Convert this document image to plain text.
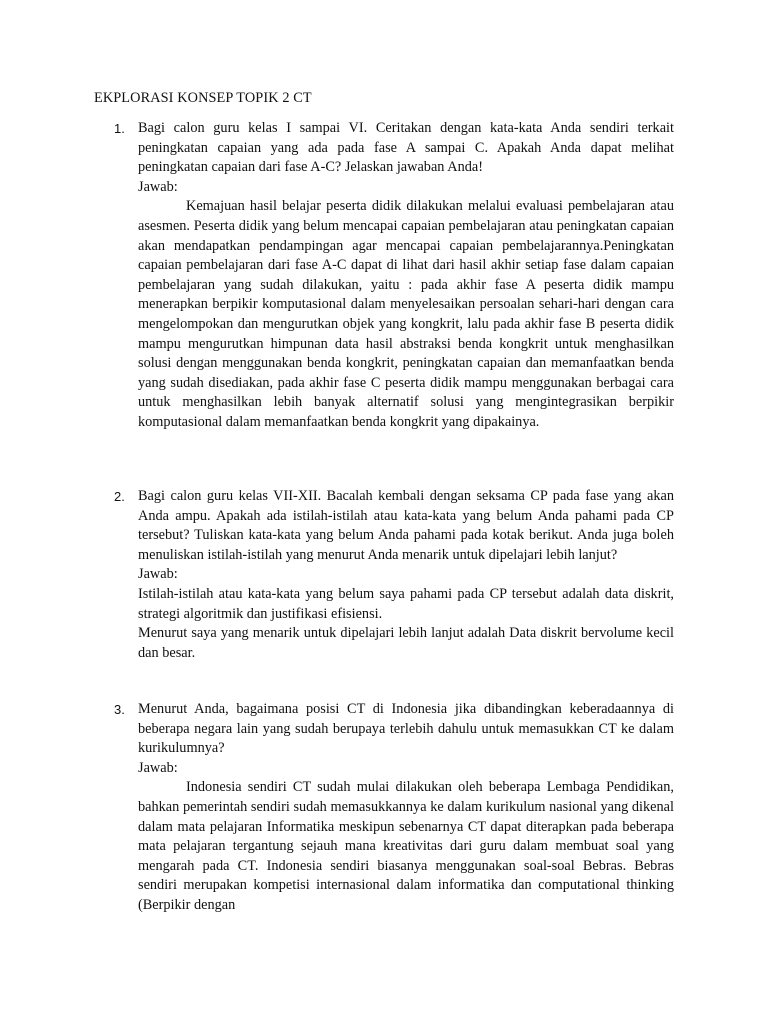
EKPLORASI KONSEP TOPIK 2 CT
1. Bagi calon guru kelas I sampai VI. Ceritakan dengan kata-kata Anda sendiri terkait peningkatan capaian yang ada pada fase A sampai C. Apakah Anda dapat melihat peningkatan capaian dari fase A-C? Jelaskan jawaban Anda!

Jawab:

Kemajuan hasil belajar peserta didik dilakukan melalui evaluasi pembelajaran atau asesmen. Peserta didik yang belum mencapai capaian pembelajaran atau peningkatan capaian akan mendapatkan pendampingan agar mencapai capaian pembelajarannya.Peningkatan capaian pembelajaran dari fase A-C dapat di lihat dari hasil akhir setiap fase dalam capaian pembelajaran yang sudah dilakukan, yaitu : pada akhir fase A peserta didik mampu menerapkan berpikir komputasional dalam menyelesaikan persoalan sehari-hari dengan cara mengelompokan dan mengurutkan objek yang kongkrit, lalu pada akhir fase B peserta didik mampu mengurutkan himpunan data hasil abstraksi benda kongkrit untuk menghasilkan solusi dengan menggunakan benda kongkrit, peningkatan capaian dan memanfaatkan benda yang sudah disediakan, pada akhir fase C peserta didik mampu menggunakan berbagai cara untuk menghasilkan lebih banyak alternatif solusi yang mengintegrasikan berpikir komputasional dalam memanfaatkan benda kongkrit yang dipakainya.

2. Bagi calon guru kelas VII-XII. Bacalah kembali dengan seksama CP pada fase yang akan Anda ampu. Apakah ada istilah-istilah atau kata-kata yang belum Anda pahami pada CP tersebut? Tuliskan kata-kata yang belum Anda pahami pada kotak berikut. Anda juga boleh menuliskan istilah-istilah yang menurut Anda menarik untuk dipelajari lebih lanjut?

Jawab:

Istilah-istilah atau kata-kata yang belum saya pahami pada CP tersebut adalah data diskrit, strategi algoritmik dan justifikasi efisiensi.

Menurut saya yang menarik untuk dipelajari lebih lanjut adalah Data diskrit bervolume kecil dan besar.

3. Menurut Anda, bagaimana posisi CT di Indonesia jika dibandingkan keberadaannya di beberapa negara lain yang sudah berupaya terlebih dahulu untuk memasukkan CT ke dalam kurikulumnya?

Jawab:

Indonesia sendiri CT sudah mulai dilakukan oleh beberapa Lembaga Pendidikan, bahkan pemerintah sendiri sudah memasukkannya ke dalam kurikulum nasional yang dikenal dalam mata pelajaran Informatika meskipun sebenarnya CT dapat diterapkan pada beberapa mata pelajaran tergantung sejauh mana kreativitas dari guru dalam membuat soal yang mengarah pada CT. Indonesia sendiri biasanya menggunakan soal-soal Bebras. Bebras sendiri merupakan kompetisi internasional dalam informatika dan computational thinking (Berpikir dengan
